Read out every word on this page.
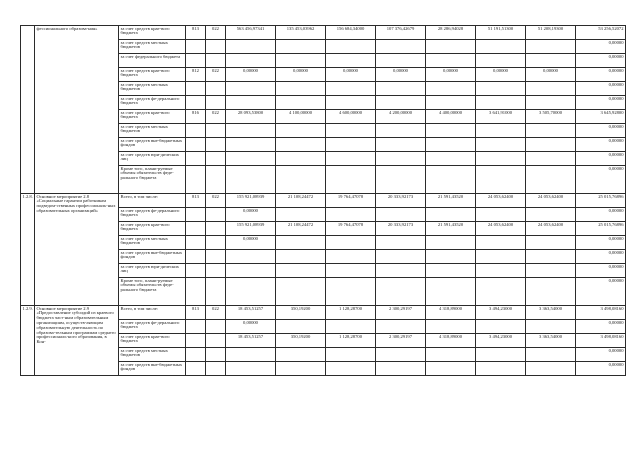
	фессионального образова-ния»	за счет средств крае-вого бюджета	813	022	563 456,97341	135 453,03962	156 684,34000	107 376,42679	28 286,94028	51 191,51300	51 208,19300	53 256,52072
		за счет средств местных бюджетов										0,00000
		за счет федерального бюджета										0,00000
		за счет средств крае-вого бюджета	812	022	0,00000	0,00000	0,00000	0,00000	0,00000	0,00000	0,00000	0,00000
		за счет средств местных бюджетов										0,00000
		за счет средств фе-дерального бюджета										0,00000
		за счет средств крае-вого бюджета	816	022	28 093,53800	4 100,00000	4 600,00000	4 200,00000	4 400,00000	3 641,91000	3 505,70000	3 645,92800
		за счет средств местных бюджетов										0,00000
		за счет средств вне-бюджетных фондов										0,00000
		за счет средств юри-дических лиц										0,00000
		Кроме того, плани-руемые объемы обязательств феде-рального бюджета										0,00000
1.2.8.	Основное мероприятие 2.8 «Социальные гарантии работникам подведом-ственных профессиональ-ных образовательных организаций»	Всего, в том числе:	813	022	155 921,08939	21 108,24472	19 764,47078	20 333,92173	21 591,43520	24 053,62400	24 053,62400	25 015,76896
		за счет средств фе-дерального бюджета			0,00000							0,00000
		за счет средств крае-вого бюджета			155 921,08939	21 108,24472	19 764,47078	20 333,92173	21 591,43520	24 053,62400	24 053,62400	25 015,76896
		за счет средств местных бюджетов			0,00000							0,00000
		за счет средств вне-бюджетных фондов										0,00000
		за счет средств юри-дических лиц										0,00000
		Кроме того, плани-руемые объемы обязательств феде-рального бюджета										0,00000
1.2.9.	Основное мероприятие 2.9 «Предоставление субсидий из краевого бюджета част-ным образовательным организациям, осуществ-ляющим образовательную деятельность по образова-тельным программам среднего профессиональ-ного образования, в Кон-	Всего, в том числе:	813	022	18 453,51257	350,19200	1 128,28700	2 300,29197	4 318,89000	3 494,23000	3 363,54000	3 498,08160
		за счет средств фе-дерального бюджета			0,00000							0,00000
		за счет средств крае-вого бюджета			18 453,51257	350,19200	1 128,28700	2 300,29197	4 318,89000	3 494,23000	3 363,54000	3 498,08160
		за счет средств местных бюджетов										0,00000
		за счет средств вне-бюджетных фондов										0,00000
